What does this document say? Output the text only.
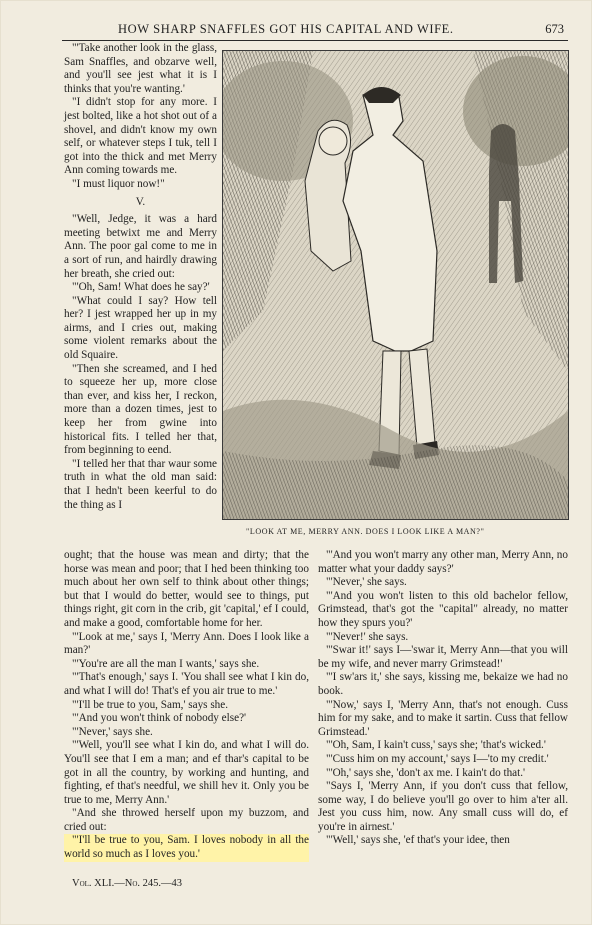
HOW SHARP SNAFFLES GOT HIS CAPITAL AND WIFE.	673

"'Take another look in the glass, Sam Snaffles, and obzarve well, and you'll see jest what it is I thinks that you're wanting.'

"I didn't stop for any more. I jest bolted, like a hot shot out of a shovel, and didn't know my own self, or whatever steps I tuk, tell I got into the thick and met Merry Ann coming towards me.

"I must liquor now!"

V.

"Well, Jedge, it was a hard meeting betwixt me and Merry Ann. The poor gal come to me in a sort of run, and hairdly drawing her breath, she cried out:

"'Oh, Sam! What does he say?'

"What could I say? How tell her? I jest wrapped her up in my airms, and I cries out, making some violent remarks about the old Squaire.

"Then she screamed, and I hed to squeeze her up, more close than ever, and kiss her, I reckon, more than a dozen times, jest to keep her from gwine into historical fits. I telled her that, from beginning to eend.

"I telled her that thar waur some truth in what the old man said: that I hedn't been keerful to do the thing as I

"LOOK AT ME, MERRY ANN. DOES I LOOK LIKE A MAN?"

ought; that the house was mean and dirty; that the horse was mean and poor; that I hed been thinking too much about her own self to think about other things; but that I would do better, would see to things, put things right, git corn in the crib, git 'capital,' ef I could, and make a good, comfortable home for her.

"'Look at me,' says I, 'Merry Ann. Does I look like a man?'

"'You're are all the man I wants,' says she.

"'That's enough,' says I. 'You shall see what I kin do, and what I will do! That's ef you air true to me.'

"'I'll be true to you, Sam,' says she.

"'And you won't think of nobody else?'

"'Never,' says she.

"'Well, you'll see what I kin do, and what I will do. You'll see that I em a man; and ef thar's capital to be got in all the country, by working and hunting, and fighting, ef that's needful, we shill hev it. Only you be true to me, Merry Ann.'

"And she throwed herself upon my buzzom, and cried out:

"'I'll be true to you, Sam. I loves nobody in all the world so much as I loves you.'

"'And you won't marry any other man, Merry Ann, no matter what your daddy says?'

"'Never,' she says.

"'And you won't listen to this old bachelor fellow, Grimstead, that's got the "capital" already, no matter how they spurs you?'

"'Never!' she says.

"'Swar it!' says I—'swar it, Merry Ann—that you will be my wife, and never marry Grimstead!'

"'I sw'ars it,' she says, kissing me, bekaize we had no book.

"'Now,' says I, 'Merry Ann, that's not enough. Cuss him for my sake, and to make it sartin. Cuss that fellow Grimstead.'

"'Oh, Sam, I kain't cuss,' says she; 'that's wicked.'

"'Cuss him on my account,' says I—'to my credit.'

"'Oh,' says she, 'don't ax me. I kain't do that.'

"Says I, 'Merry Ann, if you don't cuss that fellow, some way, I do believe you'll go over to him a'ter all. Jest you cuss him, now. Any small cuss will do, ef you're in airnest.'

"'Well,' says she, 'ef that's your idee, then

Vol. XLI.—No. 245.—43
